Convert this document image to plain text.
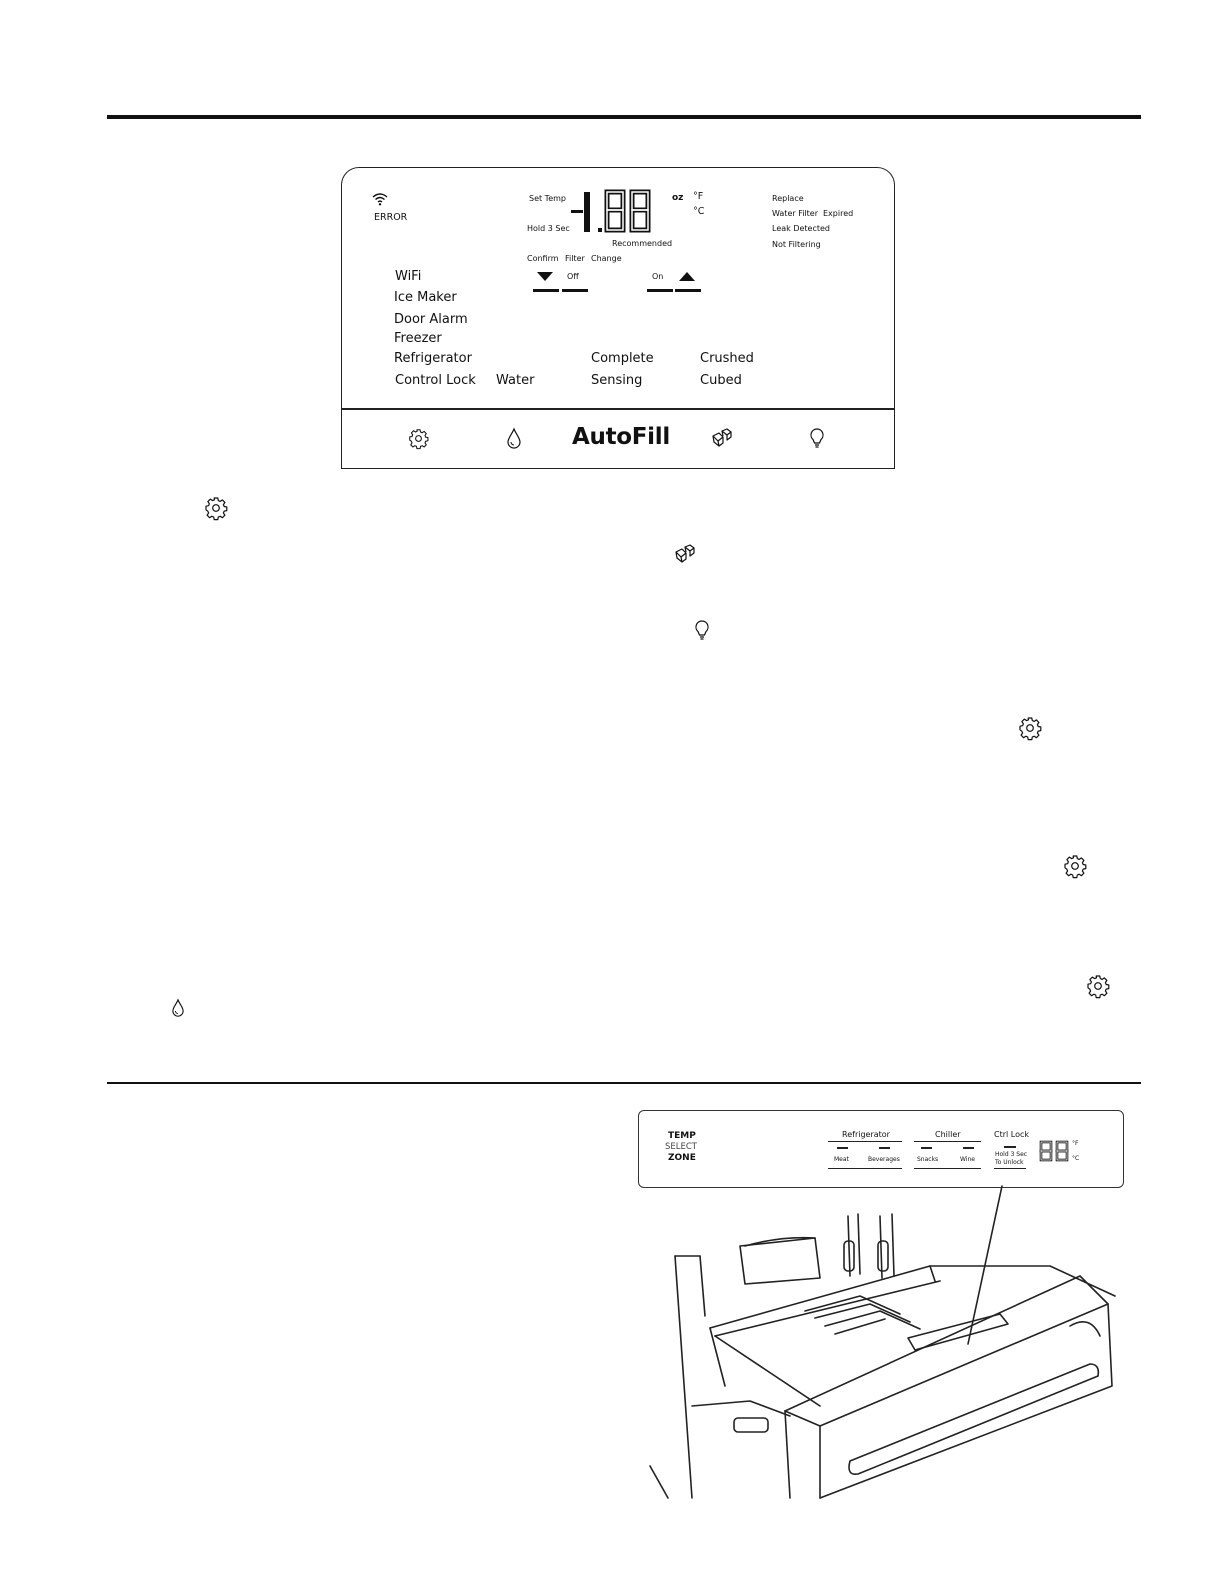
ERROR
Set Temp
Hold 3 Sec
oz °F
°C
Recommended
Confirm Filter Change
Off	On
Replace
Water Filter Expired
Leak Detected
Not Filtering
WiFi
Ice Maker
Door Alarm
Freezer
Refrigerator
Control Lock Water
Complete
Sensing
Crushed
Cubed
AutoFill
TEMP
SELECT
ZONE
Refrigerator
Meat	Beverages
Chiller
Snacks	Wine
Ctrl Lock
Hold 3 Sec
To Unlock
°F
°C
